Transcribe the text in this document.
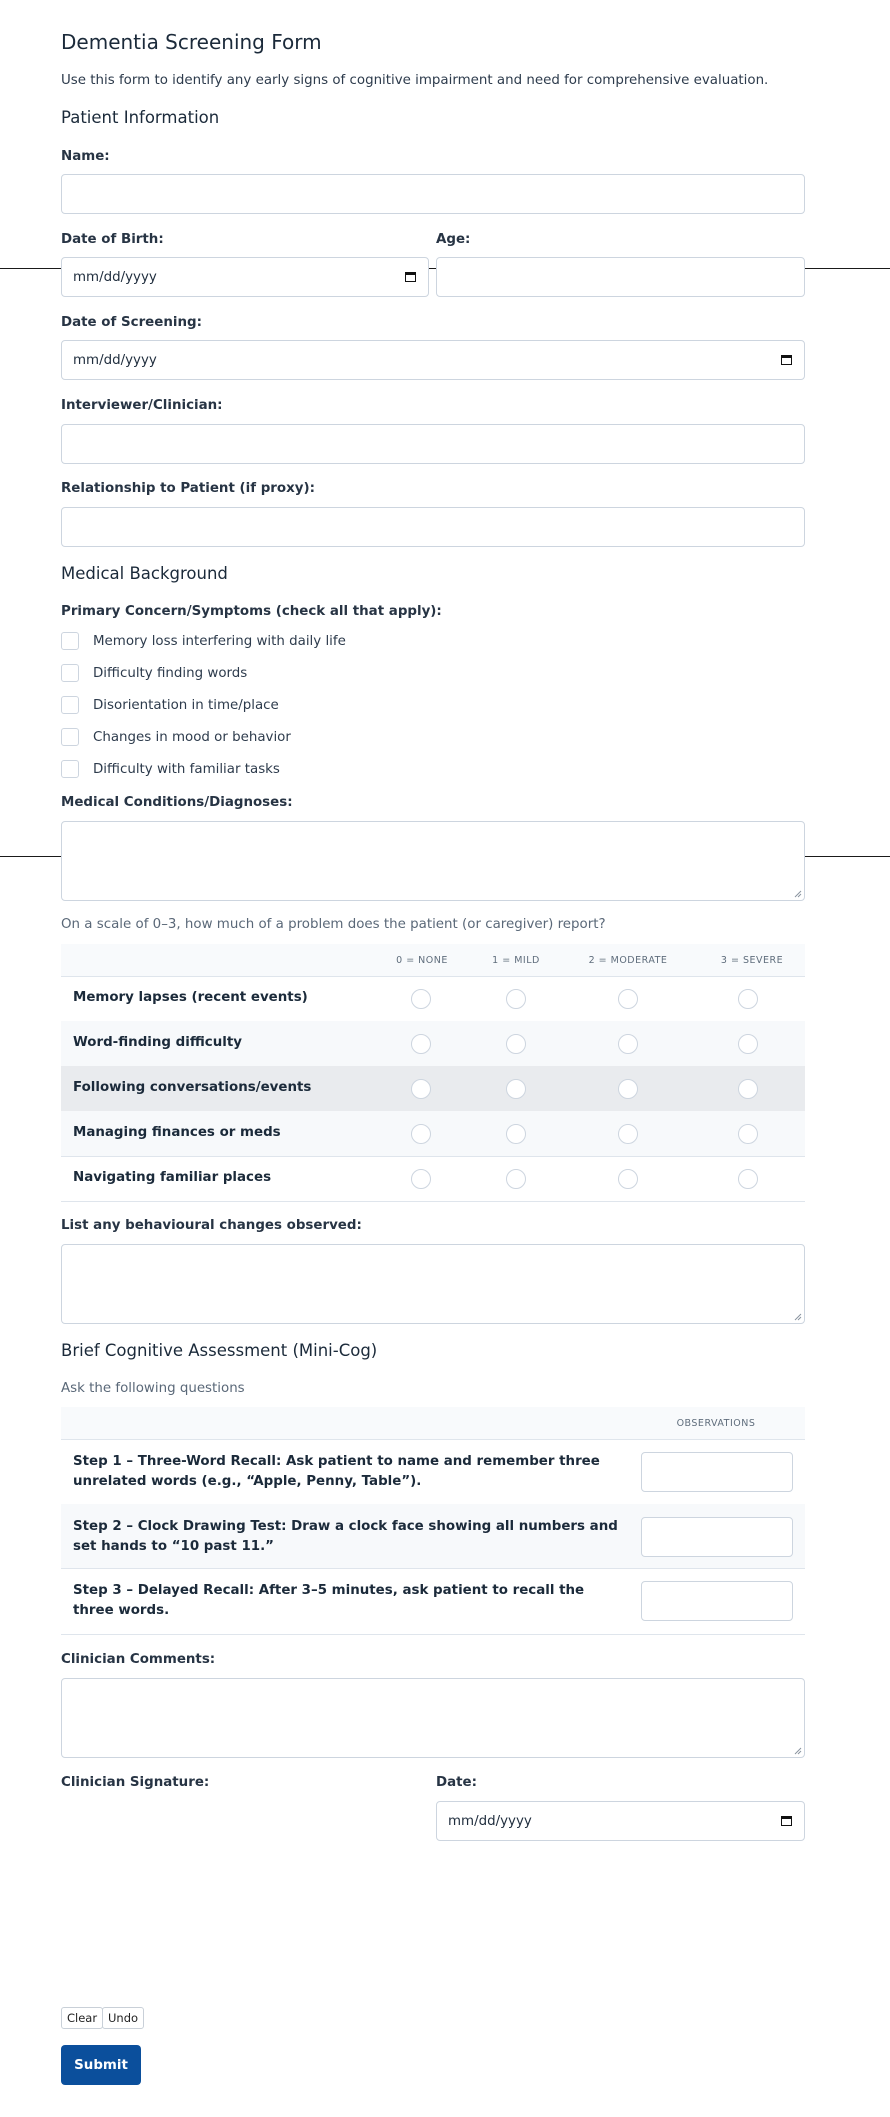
Dementia Screening Form
Use this form to identify any early signs of cognitive impairment and need for comprehensive evaluation.
Patient Information
Name:
Date of Birth:
mm/dd/yyyy
Age:
Date of Screening:
mm/dd/yyyy
Interviewer/Clinician:
Relationship to Patient (if proxy):
Medical Background
Primary Concern/Symptoms (check all that apply):
Memory loss interfering with daily life
Difficulty finding words
Disorientation in time/place
Changes in mood or behavior
Difficulty with familiar tasks
Medical Conditions/Diagnoses:
On a scale of 0–3, how much of a problem does the patient (or caregiver) report?
0 = NONE	1 = MILD	2 = MODERATE	3 = SEVERE
Memory lapses (recent events)
Word-finding difficulty
Following conversations/events
Managing finances or meds
Navigating familiar places
List any behavioural changes observed:
Brief Cognitive Assessment (Mini-Cog)
Ask the following questions
OBSERVATIONS
Step 1 – Three-Word Recall: Ask patient to name and remember three unrelated words (e.g., “Apple, Penny, Table”).
Step 2 – Clock Drawing Test: Draw a clock face showing all numbers and set hands to “10 past 11.”
Step 3 – Delayed Recall: After 3–5 minutes, ask patient to recall the three words.
Clinician Comments:
Clinician Signature:	Date:
mm/dd/yyyy
Clear Undo
Submit
